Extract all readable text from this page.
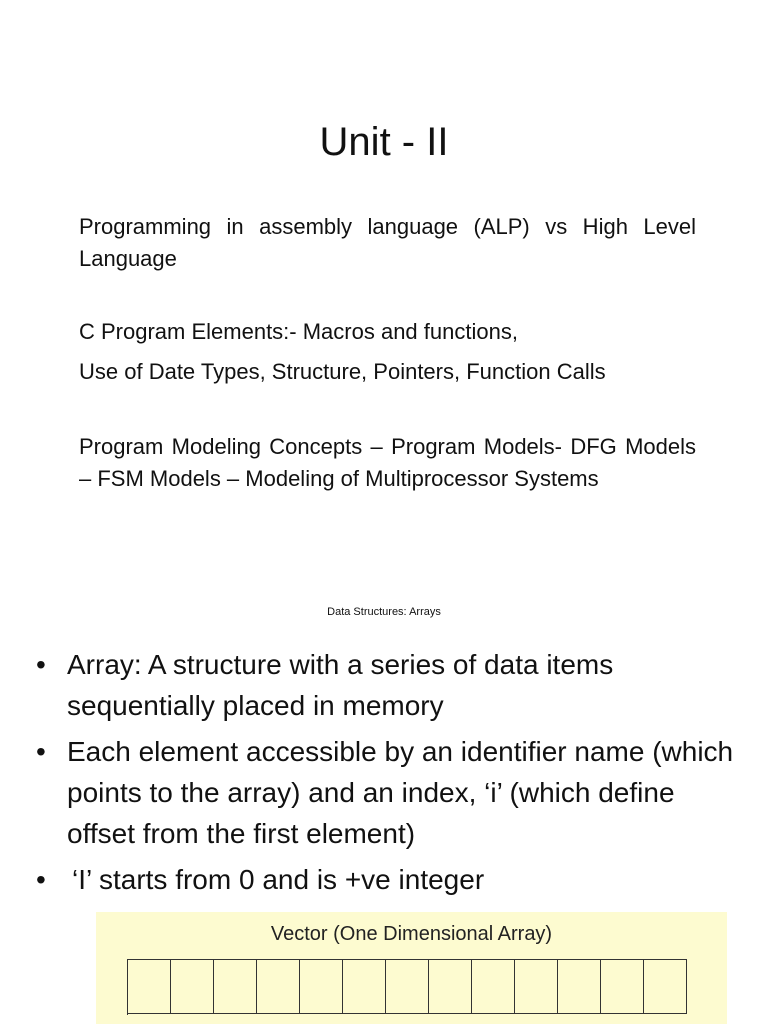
Unit - II
Programming in assembly language (ALP) vs High Level Language
C Program Elements:- Macros and functions,
Use of Date Types, Structure, Pointers, Function Calls
Program Modeling Concepts – Program Models- DFG Models – FSM Models – Modeling of Multiprocessor Systems
Data Structures: Arrays
• Array: A structure with a series of data items sequentially placed in memory
• Each element accessible by an identifier name (which points to the array) and an index, ‘i’ (which define offset from the first element)
• ‘I’ starts from 0 and is +ve integer
Vector (One Dimensional Array)
